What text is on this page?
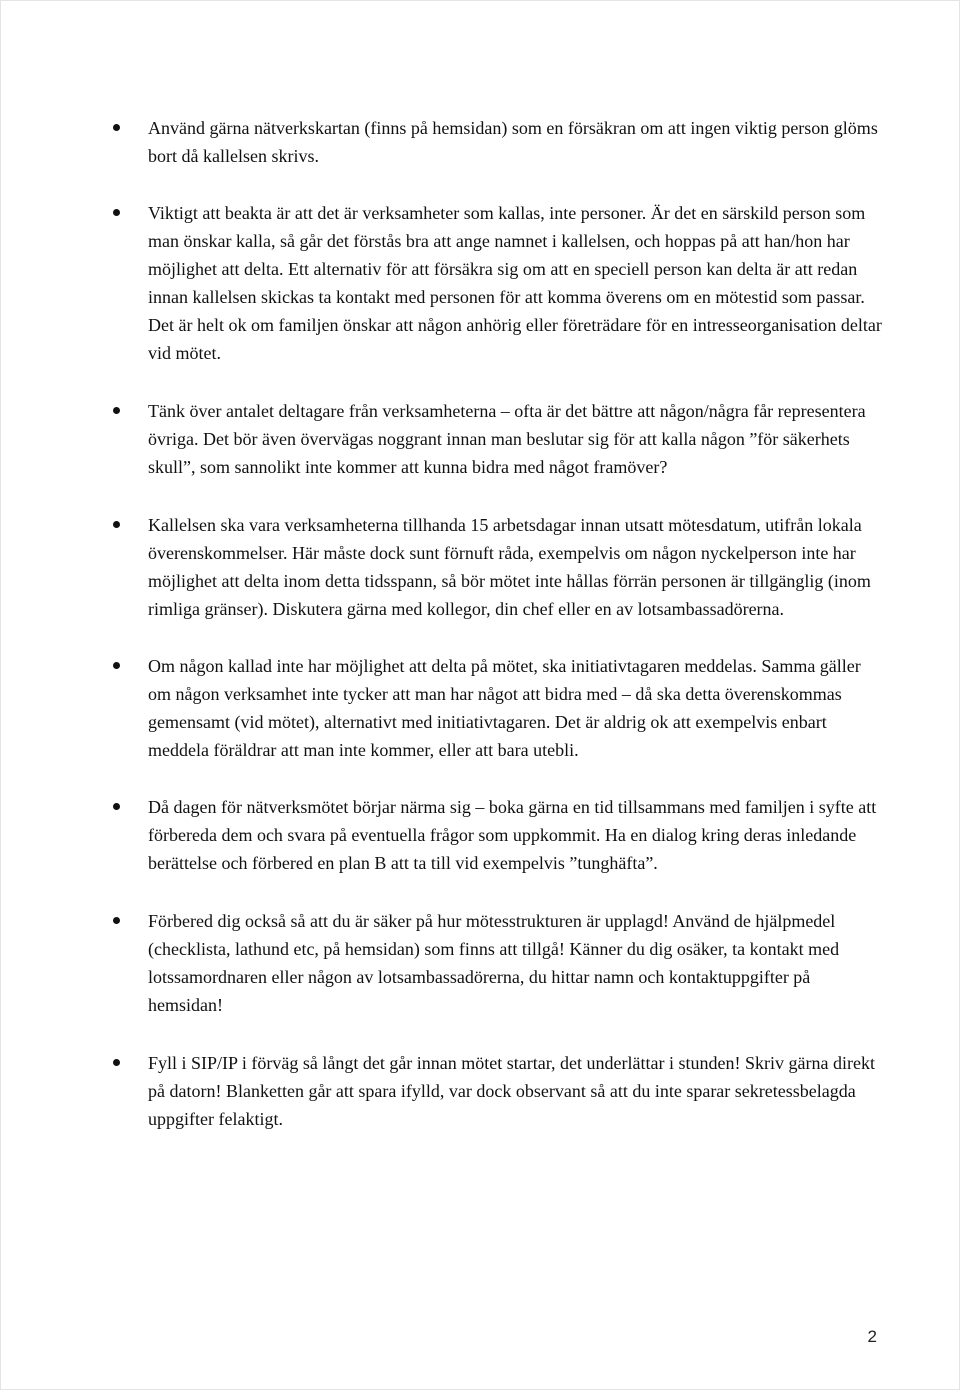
Använd gärna nätverkskartan (finns på hemsidan) som en försäkran om att ingen viktig person glöms bort då kallelsen skrivs.
Viktigt att beakta är att det är verksamheter som kallas, inte personer. Är det en särskild person som man önskar kalla, så går det förstås bra att ange namnet i kallelsen, och hoppas på att han/hon har möjlighet att delta. Ett alternativ för att försäkra sig om att en speciell person kan delta är att redan innan kallelsen skickas ta kontakt med personen för att komma överens om en mötestid som passar. Det är helt ok om familjen önskar att någon anhörig eller företrädare för en intresseorganisation deltar vid mötet.
Tänk över antalet deltagare från verksamheterna – ofta är det bättre att någon/några får representera övriga. Det bör även övervägas noggrant innan man beslutar sig för att kalla någon ”för säkerhets skull”, som sannolikt inte kommer att kunna bidra med något framöver?
Kallelsen ska vara verksamheterna tillhanda 15 arbetsdagar innan utsatt mötesdatum, utifrån lokala överenskommelser. Här måste dock sunt förnuft råda, exempelvis om någon nyckelperson inte har möjlighet att delta inom detta tidsspann, så bör mötet inte hållas förrän personen är tillgänglig (inom rimliga gränser). Diskutera gärna med kollegor, din chef eller en av lotsambassadörerna.
Om någon kallad inte har möjlighet att delta på mötet, ska initiativtagaren meddelas. Samma gäller om någon verksamhet inte tycker att man har något att bidra med – då ska detta överenskommas gemensamt (vid mötet), alternativt med initiativtagaren. Det är aldrig ok att exempelvis enbart meddela föräldrar att man inte kommer, eller att bara utebli.
Då dagen för nätverksmötet börjar närma sig – boka gärna en tid tillsammans med familjen i syfte att förbereda dem och svara på eventuella frågor som uppkommit. Ha en dialog kring deras inledande berättelse och förbered en plan B att ta till vid exempelvis ”tunghäfta”.
Förbered dig också så att du är säker på hur mötesstrukturen är upplagd! Använd de hjälpmedel (checklista, lathund etc, på hemsidan) som finns att tillgå! Känner du dig osäker, ta kontakt med lotssamordnaren eller någon av lotsambassadörerna, du hittar namn och kontaktuppgifter på hemsidan!
Fyll i SIP/IP i förväg så långt det går innan mötet startar, det underlättar i stunden! Skriv gärna direkt på datorn! Blanketten går att spara ifylld, var dock observant så att du inte sparar sekretessbelagda uppgifter felaktigt.
2
